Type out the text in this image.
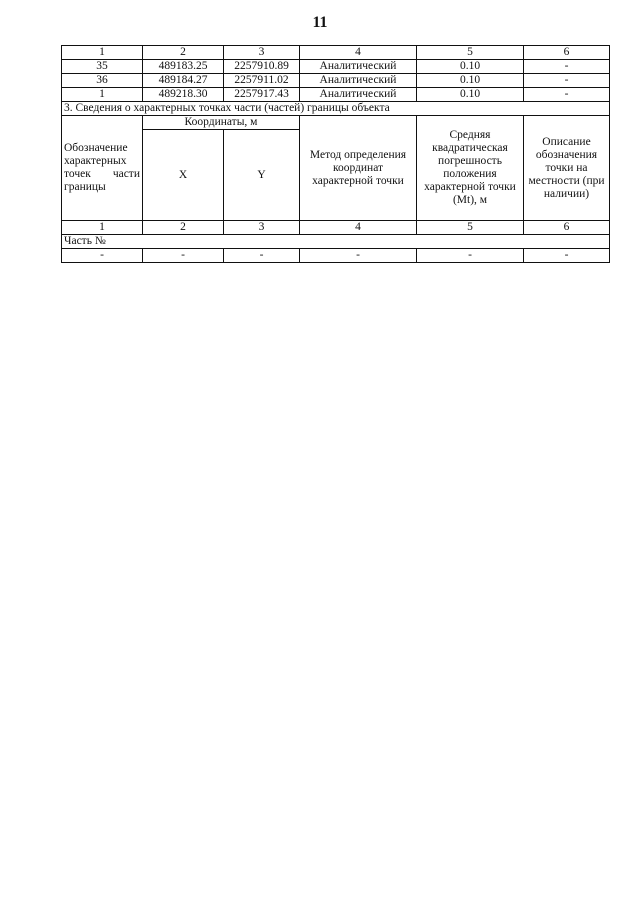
11
1	2	3	4	5	6
35	489183.25	2257910.89	Аналитический	0.10	-
36	489184.27	2257911.02	Аналитический	0.10	-
1	489218.30	2257917.43	Аналитический	0.10	-
3. Сведения о характерных точках части (частей) границы объекта					
Обозначение характерных точек части границы	Координаты, м		Метод определения координат характерной точки	Средняя квадратическая погрешность положения характерной точки (Mt), м	Описание обозначения точки на местности (при наличии)
	X	Y			
1	2	3	4	5	6
Часть №					
-	-	-	-	-	-
